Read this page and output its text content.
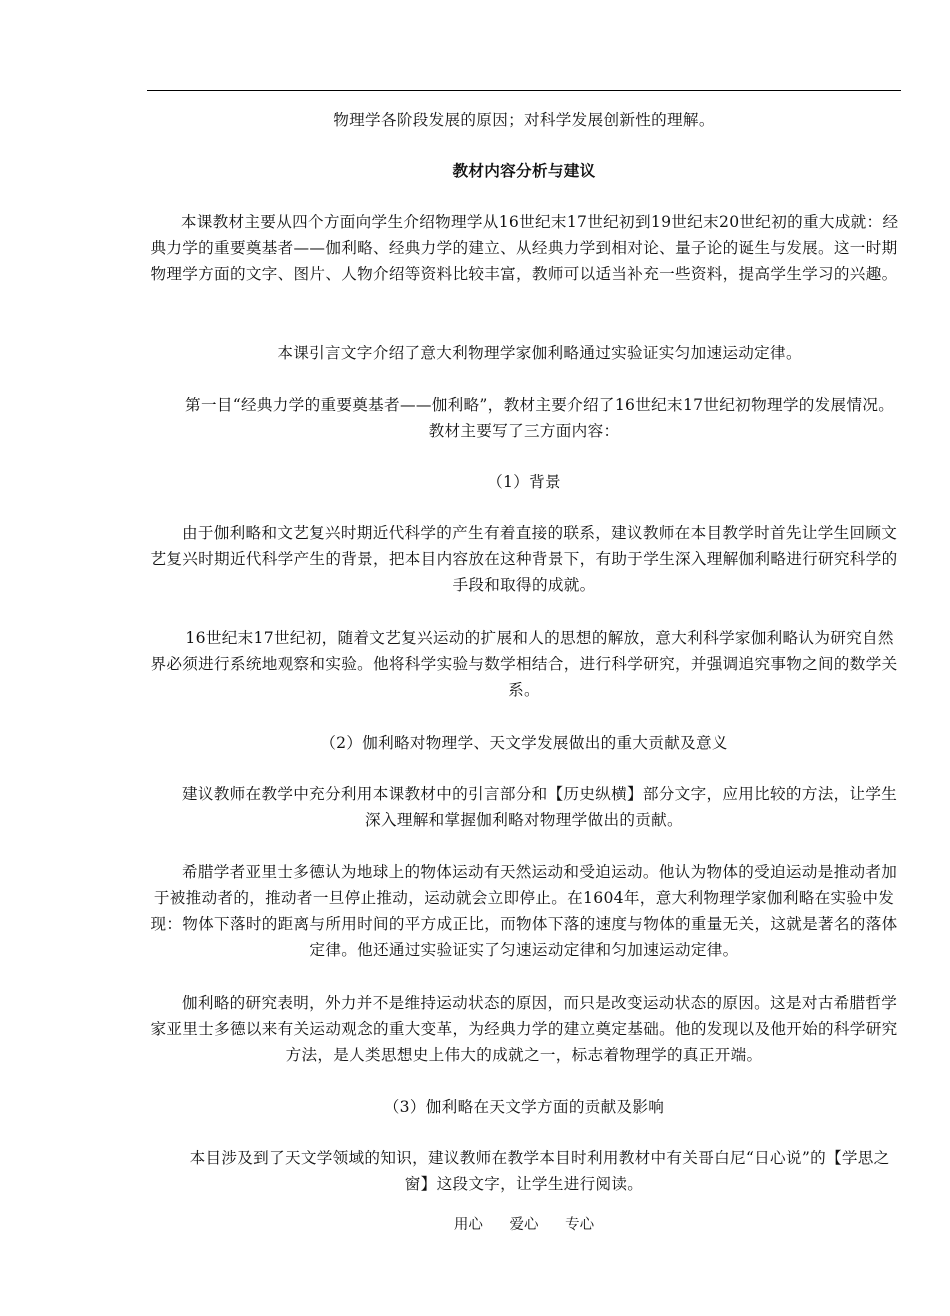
物理学各阶段发展的原因；对科学发展创新性的理解。

教材内容分析与建议

本课教材主要从四个方面向学生介绍物理学从16世纪末17世纪初到19世纪末20世纪初的重大成就：经典力学的重要奠基者——伽利略、经典力学的建立、从经典力学到相对论、量子论的诞生与发展。这一时期物理学方面的文字、图片、人物介绍等资料比较丰富，教师可以适当补充一些资料，提高学生学习的兴趣。

本课引言文字介绍了意大利物理学家伽利略通过实验证实匀加速运动定律。

第一目“经典力学的重要奠基者——伽利略”，教材主要介绍了16世纪末17世纪初物理学的发展情况。教材主要写了三方面内容：

（1）背景

由于伽利略和文艺复兴时期近代科学的产生有着直接的联系，建议教师在本目教学时首先让学生回顾文艺复兴时期近代科学产生的背景，把本目内容放在这种背景下，有助于学生深入理解伽利略进行研究科学的手段和取得的成就。

16世纪末17世纪初，随着文艺复兴运动的扩展和人的思想的解放，意大利科学家伽利略认为研究自然界必须进行系统地观察和实验。他将科学实验与数学相结合，进行科学研究，并强调追究事物之间的数学关系。

（2）伽利略对物理学、天文学发展做出的重大贡献及意义

建议教师在教学中充分利用本课教材中的引言部分和【历史纵横】部分文字，应用比较的方法，让学生深入理解和掌握伽利略对物理学做出的贡献。

希腊学者亚里士多德认为地球上的物体运动有天然运动和受迫运动。他认为物体的受迫运动是推动者加于被推动者的，推动者一旦停止推动，运动就会立即停止。在1604年，意大利物理学家伽利略在实验中发现：物体下落时的距离与所用时间的平方成正比，而物体下落的速度与物体的重量无关，这就是著名的落体定律。他还通过实验证实了匀速运动定律和匀加速运动定律。

伽利略的研究表明，外力并不是维持运动状态的原因，而只是改变运动状态的原因。这是对古希腊哲学家亚里士多德以来有关运动观念的重大变革，为经典力学的建立奠定基础。他的发现以及他开始的科学研究方法，是人类思想史上伟大的成就之一，标志着物理学的真正开端。

（3）伽利略在天文学方面的贡献及影响

本目涉及到了天文学领域的知识，建议教师在教学本目时利用教材中有关哥白尼“日心说”的【学思之窗】这段文字，让学生进行阅读。

用心 爱心 专心
